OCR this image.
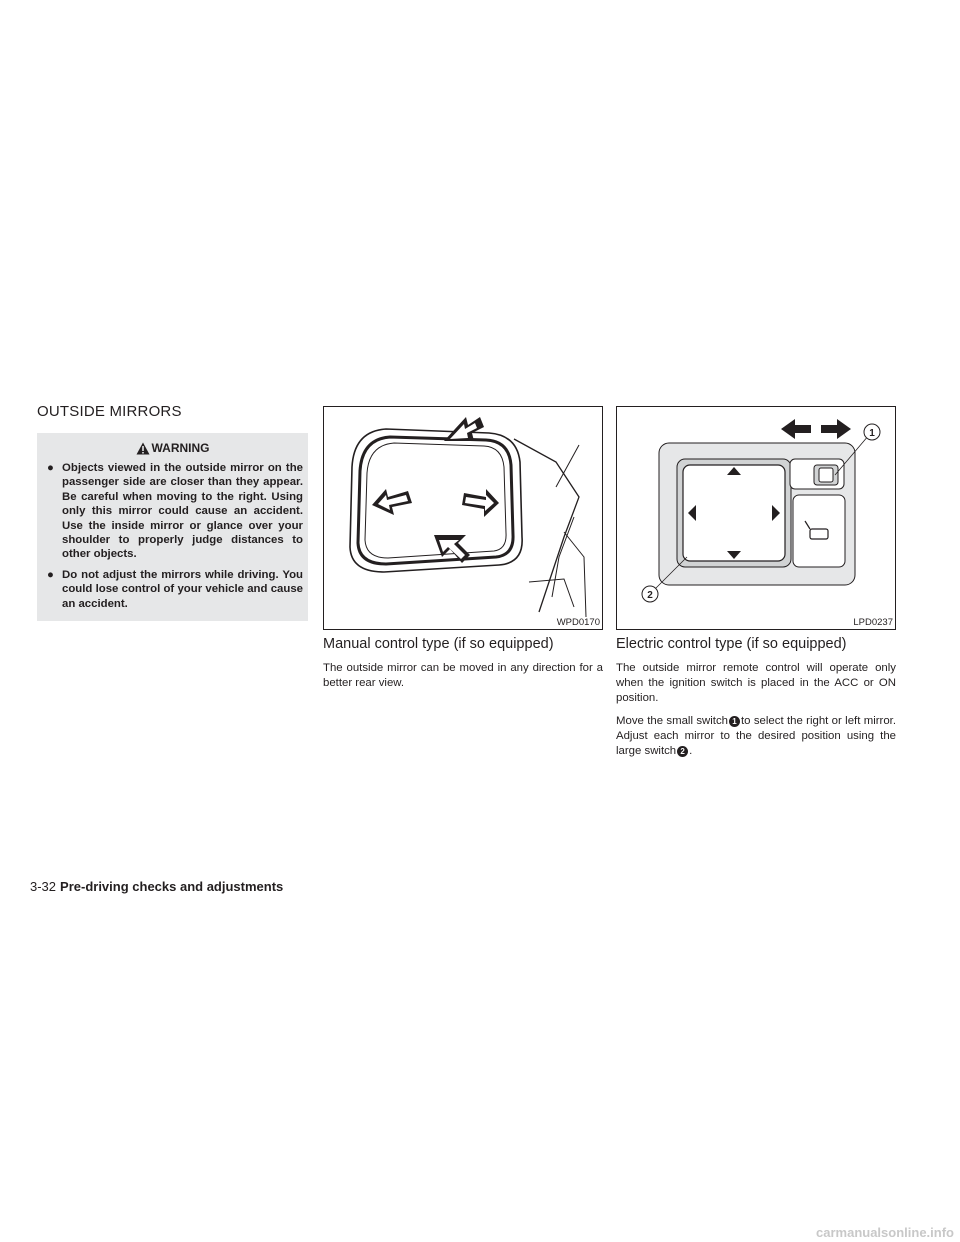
OUTSIDE MIRRORS
WARNING
● Objects viewed in the outside mirror on the passenger side are closer than they appear. Be careful when moving to the right. Using only this mirror could cause an accident. Use the inside mirror or glance over your shoulder to properly judge distances to other objects.
● Do not adjust the mirrors while driving. You could lose control of your vehicle and cause an accident.
WPD0170
1
2
LPD0237
Manual control type (if so equipped)

The outside mirror can be moved in any direction for a better rear view.

Electric control type (if so equipped)

The outside mirror remote control will operate only when the ignition switch is placed in the ACC or ON position.

Move the small switch 1 to select the right or left mirror. Adjust each mirror to the desired position using the large switch 2 .

3-32 Pre-driving checks and adjustments
carmanualsonline.info
